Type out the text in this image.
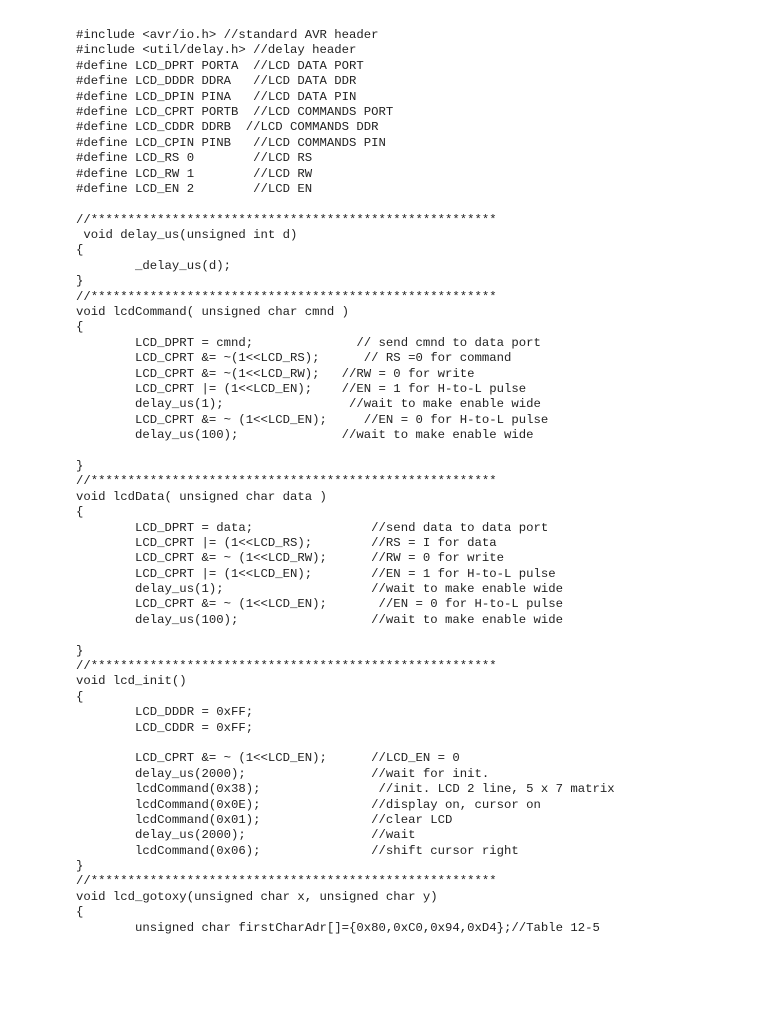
#include <avr/io.h> //standard AVR header
#include <util/delay.h> //delay header
#define LCD_DPRT PORTA  //LCD DATA PORT
#define LCD_DDDR DDRA   //LCD DATA DDR
#define LCD_DPIN PINA   //LCD DATA PIN
#define LCD_CPRT PORTB  //LCD COMMANDS PORT
#define LCD_CDDR DDRB  //LCD COMMANDS DDR
#define LCD_CPIN PINB   //LCD COMMANDS PIN
#define LCD_RS 0        //LCD RS
#define LCD_RW 1        //LCD RW
#define LCD_EN 2        //LCD EN
//*******************************************************
void delay_us(unsigned int d)
{
_delay_us(d);
}
//*******************************************************
void lcdCommand( unsigned char cmnd )
{
LCD_DPRT = cmnd;              // send cmnd to data port
LCD_CPRT &= ~(1<<LCD_RS);      // RS =0 for command
LCD_CPRT &= ~(1<<LCD_RW);   //RW = 0 for write
LCD_CPRT |= (1<<LCD_EN);    //EN = 1 for H-to-L pulse
delay_us(1);                 //wait to make enable wide
LCD_CPRT &= ~ (1<<LCD_EN);     //EN = 0 for H-to-L pulse
delay_us(100);              //wait to make enable wide
}
//*******************************************************
void lcdData( unsigned char data )
{
LCD_DPRT = data;                //send data to data port
LCD_CPRT |= (1<<LCD_RS);        //RS = I for data
LCD_CPRT &= ~ (1<<LCD_RW);      //RW = 0 for write
LCD_CPRT |= (1<<LCD_EN);        //EN = 1 for H-to-L pulse
delay_us(1);                    //wait to make enable wide
LCD_CPRT &= ~ (1<<LCD_EN);       //EN = 0 for H-to-L pulse
delay_us(100);                  //wait to make enable wide
}
//*******************************************************
void lcd_init()
{
LCD_DDDR = 0xFF;
LCD_CDDR = 0xFF;
LCD_CPRT &= ~ (1<<LCD_EN);      //LCD_EN = 0
delay_us(2000);                 //wait for init.
lcdCommand(0x38);                //init. LCD 2 line, 5 x 7 matrix
lcdCommand(0x0E);               //display on, cursor on
lcdCommand(0x01);               //clear LCD
delay_us(2000);                 //wait
lcdCommand(0x06);               //shift cursor right
}
//*******************************************************
void lcd_gotoxy(unsigned char x, unsigned char y)
{
unsigned char firstCharAdr[]={0x80,0xC0,0x94,0xD4};//Table 12-5
